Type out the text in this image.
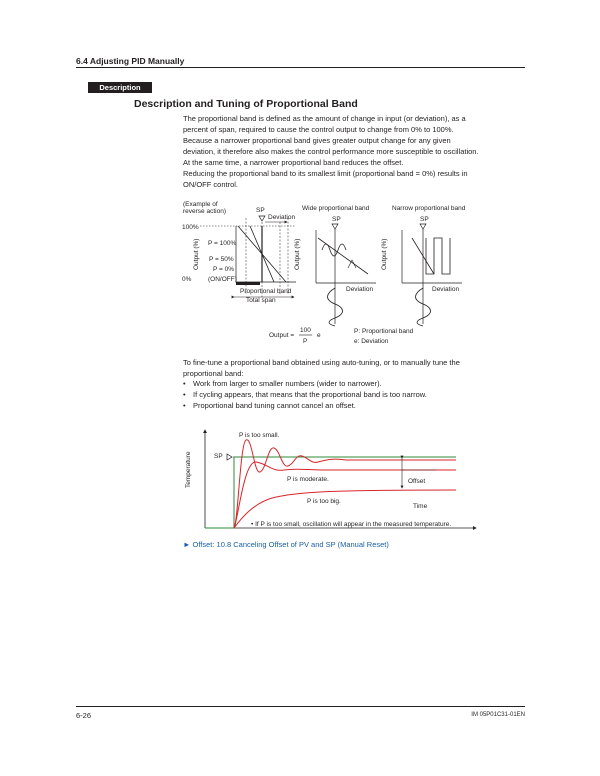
6.4 Adjusting PID Manually
Description
Description and Tuning of Proportional Band

The proportional band is defined as the amount of change in input (or deviation), as a
percent of span, required to cause the control output to change from 0% to 100%.

Because a narrower proportional band gives greater output change for any given
deviation, it therefore also makes the control performance more susceptible to oscillation.
At the same time, a narrower proportional band reduces the offset.

Reducing the proportional band to its smallest limit (proportional band = 0%) results in
ON/OFF control.

(Example of
reverse action)	SP
Deviation
100%
Output (%) P = 100%
P = 50%
P = 0%
0%	(ON/OFF)
Proportional band
Total span
Wide proportional band
SP
Output (%)
Deviation
Narrow proportional band
SP
Output (%)
Deviation
Output =
100
P
e
P: Proportional band
e: Deviation

To fine-tune a proportional band obtained using auto-tuning, or to manually tune the
proportional band:

• Work from larger to smaller numbers (wider to narrower).
• If cycling appears, that means that the proportional band is too narrow.
• Proportional band tuning cannot cancel an offset.
Temperature	SP
P is too small.
P is moderate.
P is too big.
Offset
Time
• If P is too small, oscillation will appear in the measured temperature.
► Offset: 10.8 Canceling Offset of PV and SP (Manual Reset)
6-26	IM 05P01C31-01EN
